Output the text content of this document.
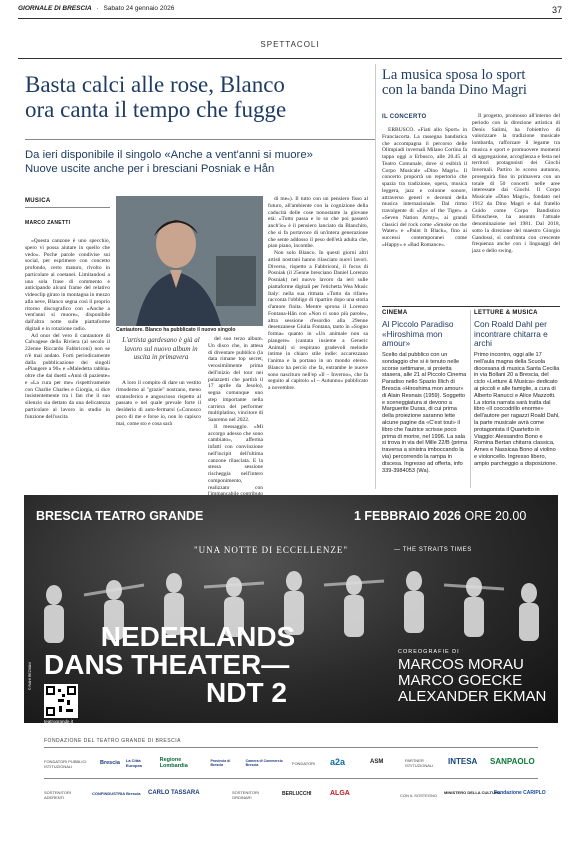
GIORNALE DI BRESCIA · Sabato 24 gennaio 2026	37
SPETTACOLI
Basta calci alle rose, Blanco
ora canta il tempo che fugge
Da ieri disponibile il singolo «Anche a vent'anni si muore»
Nuove uscite anche per i bresciani Posniak e Hån
MUSICA
MARCO ZANETTI

«Questa canzone è uno specchio, spero vi possa aiutare in quello che vedo». Poche parole condivise sui social, per esprimere con concetto profondo, certo maturo, rivolto in particolare ai coetanei. Limitandosi a una sola frase di commento e anticipando alcuni frame del relativo videoclip girato in montagna in mezzo alla neve, Blanco segna così il proprio ritorno discografico con «Anche a vent'anni si muore», disponibile dall'altra notte sulle piattaforme digitali e in rotazione radio.

Ad onor del vero il cantautore di Calvagese della Riviera (al secolo il 22enne Riccardo Fabbriconi) non se n'è mai andato. Forti periodicamente dalla pubblicazione dei singoli «Piangere a 90» e «Maledetta rabbia» oltre che dai duetti «Anni di paziente» e «La cura per me» rispettivamente con Charlie Charles e Giorgia, si dice insistentemente tra i fan che il suo silenzio sia dettato da una delicatezza particolare al lavoro in studio in funzione dell'uscita

Cantautore. Blanco ha pubblicato il nuovo singolo
L'artista gardesano è già al lavoro sul nuovo album in uscita in primavera

del suo terzo album. Un disco che, in attesa di diventare pubblico (la data rimane top secret, verosimilmente prima dell'inizio del tour nei palazzetti che partirà il 17 aprile da Jesolo), segna comunque uno step importante nella carriera del performer multiplatino, vincitore di Sanremo nel 2022.

Il messaggio. «Mi accorgo adesso che sono cambiato», afferma infatti con convinzione nell'incipit dell'ultima canzone rilasciata. E la stessa sessione rischeggia nell'intero componimento, realizzato con

A loro il compito di dare un vestito rimoderno al "grazie" nostrano, meno stratosferico e angoscioso rispetto al passato e nel quale prevale forte il desiderio di auto-fermarsi («Conosco poco di me e forse io, non lo capisco mai, come sto e cosa sarà

di me»). Il tutto con un pensiero fisso al futuro, all'ambiente con la cognizione della caducità delle cose nonostante la giovane età: «Tutto passa e lo so che poi passerò anch'io» è il pensiero lanciato da Blanchito, che si fa portavoce di un'intera generazione che sente addosso il peso dell'età adulta che, pian piano, incombe.

Non solo Blanco. In questi giorni altri artisti nostrani hanno rilasciato nuovi lavori. Diverso, rispetto a Fabbriconi, il focus di Posniak (il 25enne bresciano Daniel Lorenzo Posniak) nel nuovo lavoro da ieri sulle piattaforme digitali per l'etichetta Wea Music Italy: nella sua ritmata «Tutto da rifare» racconta l'obbligo di ripartire dopo una storia d'amore finita. Mentre sprona il Lorenzo Fontana-Hån con «Non ci sono più parole», altra sessione d'esordio alla 29enne desenzanese Giulia Fontana, tanto in «Sogno forma» quanto in «Un animale non sa piangere» (cantata insieme a Generic Animal) si respirano gradevoli melodie intime in chiaro stile indie: accarezzano l'anima e la portano in un mondo etereo. Blanco ha perciò che fa, entrambe le nuove sono nascituro nell'ep «Il – Inverno», che fa seguito al capitolo «I – Autunno» pubblicato a novembre.

La musica sposa lo sport
con la banda Dino Magri
IL CONCERTO

ERBUSCO. «Fiati allo Sport» in Franciacorta. La rassegna bandistica che accompagna il percorso delle Olimpiadi invernali Milano Cortina fa tappa oggi a Erbusco, alle 20.45 al Teatro Comunale, dove si esibirà il Corpo Musicale «Dino Magri». Il concerto proporrà un repertorio che spazia tra tradizione, opera, musica leggera, jazz e colonne sonore, attraverso generi e decenni della musica internazionale. Dal ritmo travolgente di «Eye of the Tiger» a «Seven Nation Army», ai grandi classici del rock come «Smoke on the Water» e «Paint It Black», fino ai successi contemporanei come «Happy» e «Bad Romance».

Il progetto, promosso all'interno del periodo con la direzione artistica di Denis Salimi, ha l'obiettivo di valorizzare la tradizione musicale lombarda, rafforzare il legame tra musica e sport e promuovere momenti di aggregazione, accoglienza e festa nel territori protagonisti dei Giochi Invernali. Partiro lo scorso autunno, proseguirà fino in primavera con un totale di 50 concerti nelle aree interessate dai Giochi. Il Corpo Musicale «Dino Magri», fondato nel 1912 da Dino Magri e dal fratello Guido come Corpo Bandistico Erbuschese, ha assunto l'attuale denominazione nel 1981. Dal 2018, sotto la direzione del maestro Giorgio Gandossi, si confronta con crescente frequenza anche con i linguaggi del jazz e dello swing.

CINEMA
Al Piccolo Paradiso «Hiroshima mon amour»
Scelto dal pubblico con un sondaggio che si è tenuto nelle scorse settimane, si proietta stasera, alle 21 al Piccolo Cinema Paradiso nello Spazio Illich di Brescia «Hiroshima mon amour» di Alain Resnais (1959). Soggetto e sceneggiatura si devono a Marguerite Duras, di cui prima della proiezione saranno lette alcune pagine da «C'est tout» il libro che l'autrice scrisse poco prima di morire, nel 1996. La sala si trova in via del Mille 22/B (prima traversa a sinistra imboccando la via) percorrendo la rampa in discesa. Ingresso ad offerta, info 339-3984053 (Wa).
LETTURE & MUSICA
Con Roald Dahl per incontrare chitarra e archi
Primo incontro, oggi alle 17 nell'aula magna della Scuola diocesana di musica Santa Cecilia in via Bollani 20 a Brescia, del ciclo «Letture & Musica» dedicato ai piccoli e alle famiglie, a cura di Alberto Ranucci e Alice Mazzotti. La storia narrata sarà tratta dal libro «Il coccodrillo enorme» dell'autore per ragazzi Roald Dahl, la parte musicale avrà come protagonista il Quartetto in Viaggio: Alessandro Bono e Romina Bertan chitarra classica, Arnes e Nassicaa Bono al violino e violoncello. Ingresso libero, ampio parcheggio a disposizione.
BRESCIA TEATRO GRANDE	1 FEBBRAIO 2026 ORE 20.00
"UNA NOTTE DI ECCELLENZE"	— THE STRAITS TIMES
NEDERLANDS

DANS THEATER—
NDT 2
COREOGRAFIE DI
MARCOS MORAU
MARCO GOECKE
ALEXANDER EKMAN
teatrogrande.it
© RAHI REZVANI
FONDAZIONE DEL TEATRO GRANDE DI BRESCIA
FONDATORI PUBBLICI ISTITUZIONALI
Brescia La Città Europea
Regione Lombardia
Provincia di Brescia
Camera di Commercio Brescia	FONDATORI a2a	ASM	PARTNER ISTITUZIONALI	INTESA SANPAOLO
SOSTENITORI ADERENTI
CONFINDUSTRIA Brescia CARLO TASSARA	SOSTENITORI ORDINARI
BERLUCCHI	ALGA	CON IL SOSTEGNO
MINISTERO DELLA CULTURA
Fondazione CARIPLO
